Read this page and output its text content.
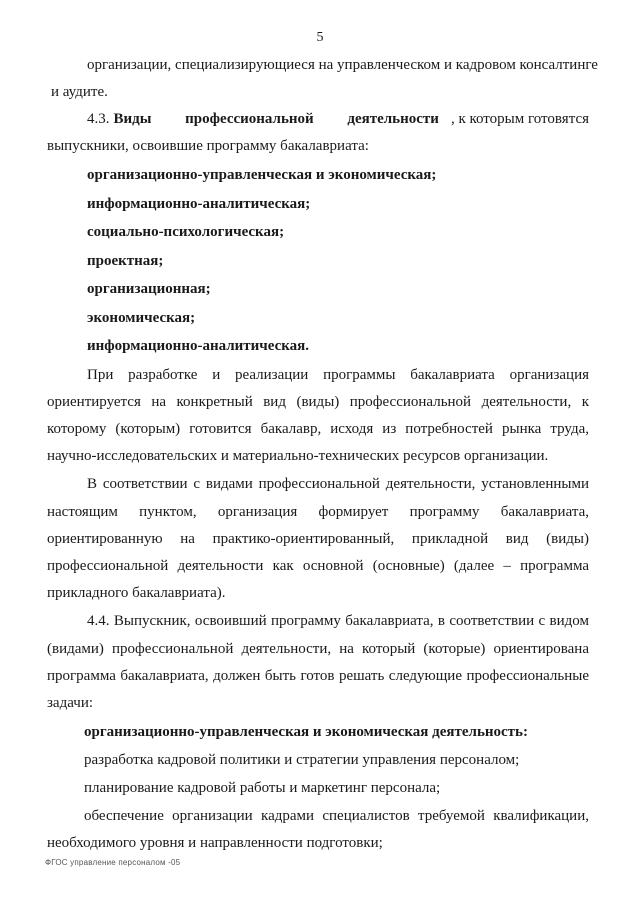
5

организации, специализирующиеся на управленческом и кадровом консалтинге

и аудите.

4.3. Виды профессиональной деятельности , к которым готовятся

выпускники, освоившие программу бакалавриата:

организационно-управленческая и экономическая;
информационно-аналитическая;
социально-психологическая;
проектная;
организационная;
экономическая;
информационно-аналитическая.

При разработке и реализации программы бакалавриата организация ориентируется на конкретный вид (виды) профессиональной деятельности, к которому (которым) готовится бакалавр, исходя из потребностей рынка труда, научно-исследовательских и материально-технических ресурсов организации.

В соответствии с видами профессиональной деятельности, установленными настоящим пунктом, организация формирует программу бакалавриата, ориентированную на практико-ориентированный, прикладной вид (виды) профессиональной деятельности как основной (основные) (далее – программа прикладного бакалавриата).

4.4. Выпускник, освоивший программу бакалавриата, в соответствии с видом (видами) профессиональной деятельности, на который (которые) ориентирована программа бакалавриата, должен быть готов решать следующие профессиональные задачи:

организационно-управленческая и экономическая деятельность:

разработка кадровой политики и стратегии управления персоналом;

планирование кадровой работы и маркетинг персонала;

обеспечение организации кадрами специалистов требуемой квалификации, необходимого уровня и направленности подготовки;

ФГОС управление персоналом -05
